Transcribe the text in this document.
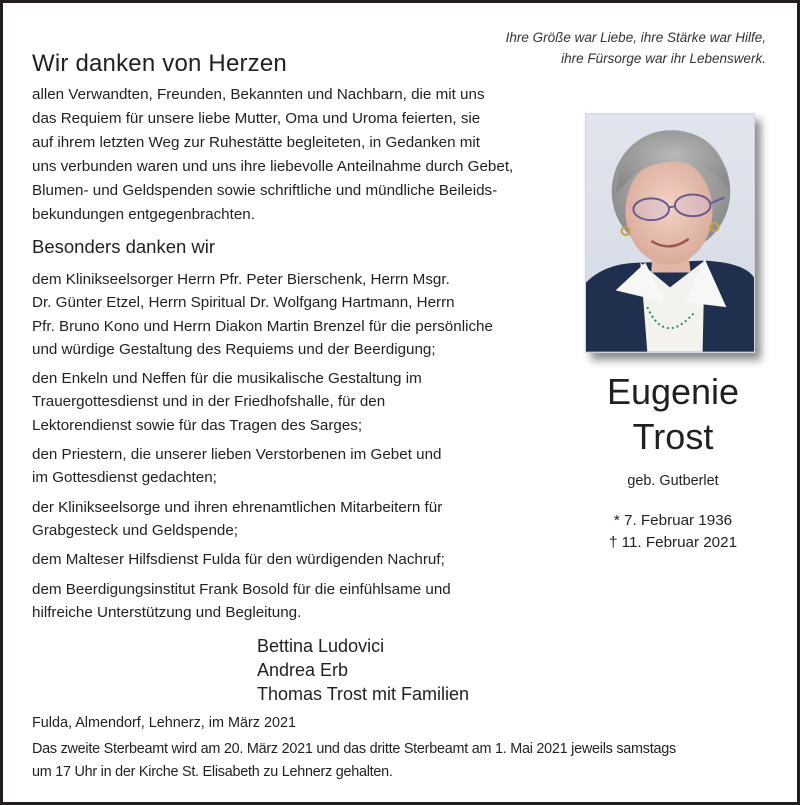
Ihre Größe war Liebe, ihre Stärke war Hilfe,
ihre Fürsorge war ihr Lebenswerk.
Wir danken von Herzen
allen Verwandten, Freunden, Bekannten und Nachbarn, die mit uns
das Requiem für unsere liebe Mutter, Oma und Uroma feierten, sie
auf ihrem letzten Weg zur Ruhestätte begleiteten, in Gedanken mit
uns verbunden waren und uns ihre liebevolle Anteilnahme durch Gebet,
Blumen- und Geldspenden sowie schriftliche und mündliche Beileids-
bekundungen entgegenbrachten.
Besonders danken wir
dem Klinikseelsorger Herrn Pfr. Peter Bierschenk, Herrn Msgr.
Dr. Günter Etzel, Herrn Spiritual Dr. Wolfgang Hartmann, Herrn
Pfr. Bruno Kono und Herrn Diakon Martin Brenzel für die persönliche
und würdige Gestaltung des Requiems und der Beerdigung;
den Enkeln und Neffen für die musikalische Gestaltung im
Trauergottesdienst und in der Friedhofshalle, für den
Lektorendienst sowie für das Tragen des Sarges;
den Priestern, die unserer lieben Verstorbenen im Gebet und
im Gottesdienst gedachten;
der Klinikseelsorge und ihren ehrenamtlichen Mitarbeitern für
Grabgesteck und Geldspende;
dem Malteser Hilfsdienst Fulda für den würdigenden Nachruf;
dem Beerdigungsinstitut Frank Bosold für die einfühlsame und
hilfreiche Unterstützung und Begleitung.
Bettina Ludovici
Andrea Erb
Thomas Trost mit Familien
Fulda, Almendorf, Lehnerz, im März 2021
Das zweite Sterbeamt wird am 20. März 2021 und das dritte Sterbeamt am 1. Mai 2021 jeweils samstags
um 17 Uhr in der Kirche St. Elisabeth zu Lehnerz gehalten.
Eugenie
Trost
geb. Gutberlet
* 7. Februar 1936
† 11. Februar 2021
